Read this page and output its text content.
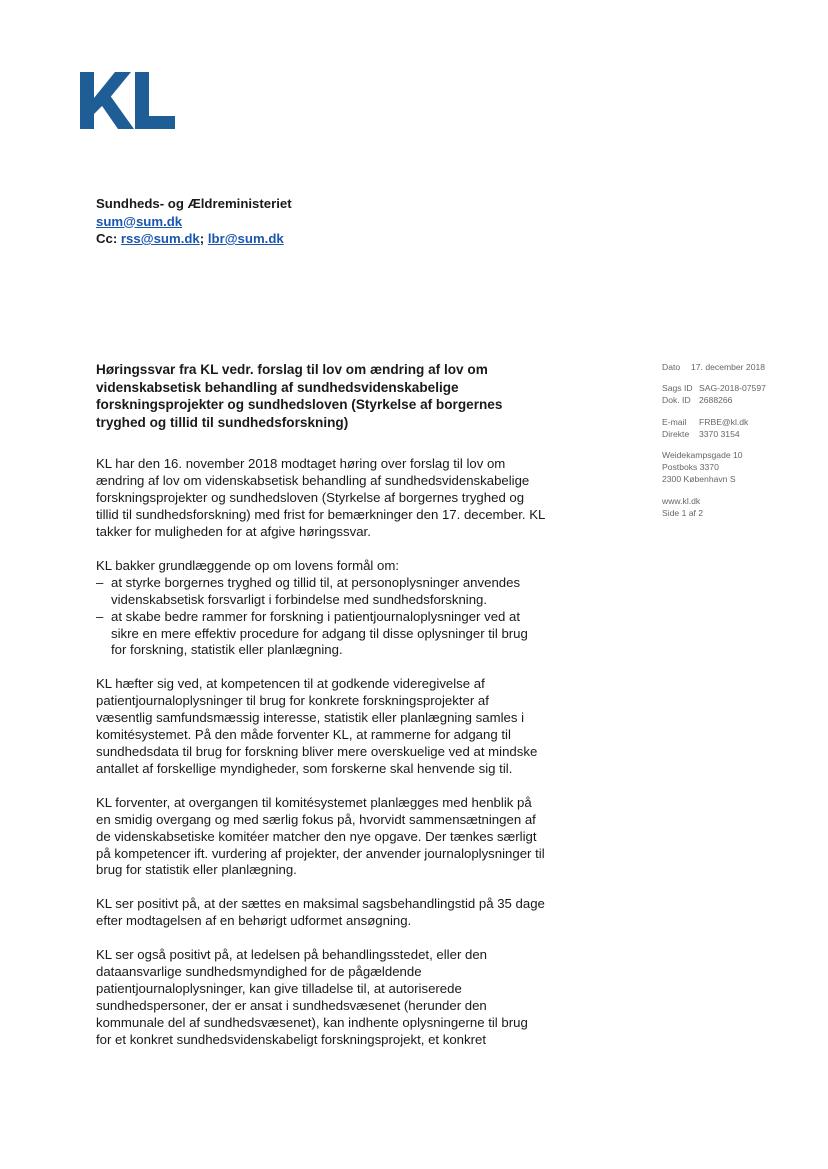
Sundheds- og Ældreministeriet
sum@sum.dk
Cc: rss@sum.dk; lbr@sum.dk
Dato 17. december 2018
Sags ID SAG-2018-07597
Dok. ID 2688266
E-mail FRBE@kl.dk
Direkte 3370 3154
Weidekampsgade 10
Postboks 3370
2300 København S
www.kl.dk
Side 1 af 2
Høringssvar fra KL vedr. forslag til lov om ændring af lov om videnskabsetisk behandling af sundhedsvidenskabelige forskningsprojekter og sundhedsloven (Styrkelse af borgernes tryghed og tillid til sundhedsforskning)

KL har den 16. november 2018 modtaget høring over forslag til lov om ændring af lov om videnskabsetisk behandling af sundhedsvidenskabelige forskningsprojekter og sundhedsloven (Styrkelse af borgernes tryghed og tillid til sundhedsforskning) med frist for bemærkninger den 17. december. KL takker for muligheden for at afgive høringssvar.

KL bakker grundlæggende op om lovens formål om:
– at styrke borgernes tryghed og tillid til, at personoplysninger anvendes videnskabsetisk forsvarligt i forbindelse med sundhedsforskning.
– at skabe bedre rammer for forskning i patientjournaloplysninger ved at sikre en mere effektiv procedure for adgang til disse oplysninger til brug for forskning, statistik eller planlægning.

KL hæfter sig ved, at kompetencen til at godkende videregivelse af patientjournaloplysninger til brug for konkrete forskningsprojekter af væsentlig samfundsmæssig interesse, statistik eller planlægning samles i komitésystemet. På den måde forventer KL, at rammerne for adgang til sundhedsdata til brug for forskning bliver mere overskuelige ved at mindske antallet af forskellige myndigheder, som forskerne skal henvende sig til.

KL forventer, at overgangen til komitésystemet planlægges med henblik på en smidig overgang og med særlig fokus på, hvorvidt sammensætningen af de videnskabsetiske komitéer matcher den nye opgave. Der tænkes særligt på kompetencer ift. vurdering af projekter, der anvender journaloplysninger til brug for statistik eller planlægning.

KL ser positivt på, at der sættes en maksimal sagsbehandlingstid på 35 dage efter modtagelsen af en behørigt udformet ansøgning.

KL ser også positivt på, at ledelsen på behandlingsstedet, eller den dataansvarlige sundhedsmyndighed for de pågældende patientjournaloplysninger, kan give tilladelse til, at autoriserede sundhedspersoner, der er ansat i sundhedsvæsenet (herunder den kommunale del af sundhedsvæsenet), kan indhente oplysningerne til brug for et konkret sundhedsvidenskabeligt forskningsprojekt, et konkret
